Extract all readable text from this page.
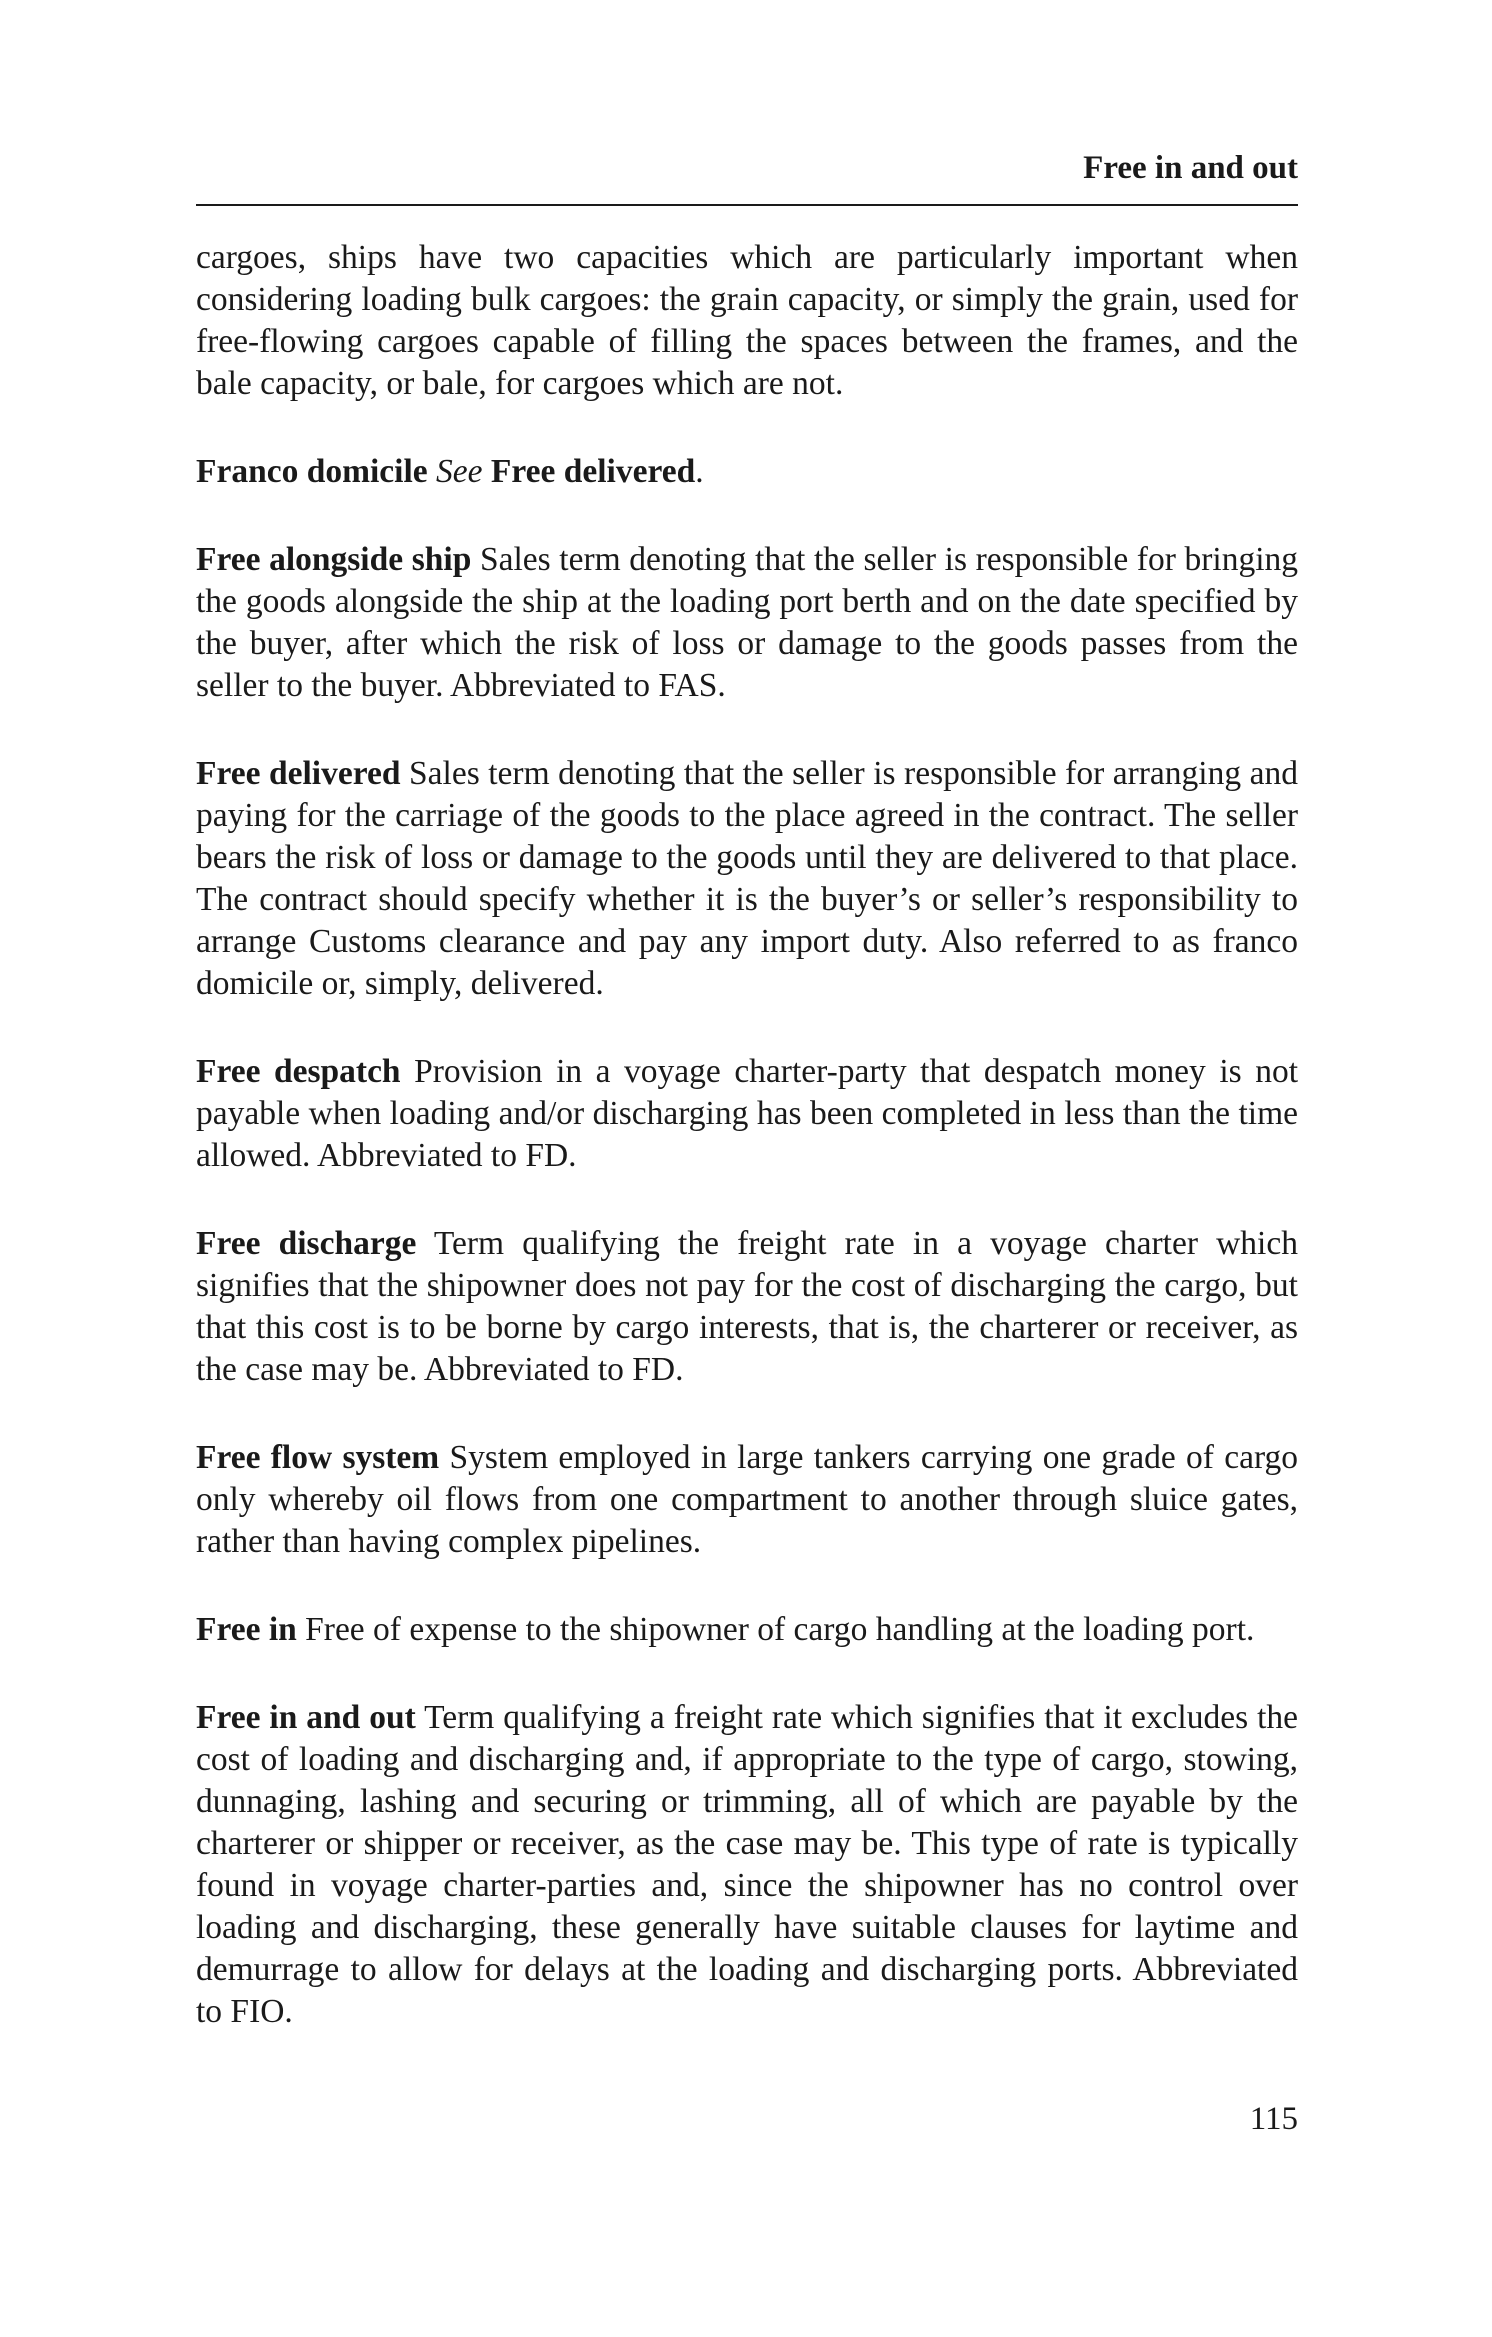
Free in and out

cargoes, ships have two capacities which are particularly important when considering loading bulk cargoes: the grain capacity, or simply the grain, used for free-flowing cargoes capable of filling the spaces between the frames, and the bale capacity, or bale, for cargoes which are not.

Franco domicile See Free delivered.

Free alongside ship Sales term denoting that the seller is responsible for bringing the goods alongside the ship at the loading port berth and on the date specified by the buyer, after which the risk of loss or damage to the goods passes from the seller to the buyer. Abbreviated to FAS.

Free delivered Sales term denoting that the seller is responsible for arranging and paying for the carriage of the goods to the place agreed in the contract. The seller bears the risk of loss or damage to the goods until they are delivered to that place. The contract should specify whether it is the buyer’s or seller’s responsibility to arrange Customs clearance and pay any import duty. Also referred to as franco domicile or, simply, delivered.

Free despatch Provision in a voyage charter-party that despatch money is not payable when loading and/or discharging has been completed in less than the time allowed. Abbreviated to FD.

Free discharge Term qualifying the freight rate in a voyage charter which signifies that the shipowner does not pay for the cost of discharging the cargo, but that this cost is to be borne by cargo interests, that is, the charterer or receiver, as the case may be. Abbreviated to FD.

Free flow system System employed in large tankers carrying one grade of cargo only whereby oil flows from one compartment to another through sluice gates, rather than having complex pipelines.

Free in Free of expense to the shipowner of cargo handling at the loading port.

Free in and out Term qualifying a freight rate which signifies that it excludes the cost of loading and discharging and, if appropriate to the type of cargo, stowing, dunnaging, lashing and securing or trimming, all of which are payable by the charterer or shipper or receiver, as the case may be. This type of rate is typically found in voyage charter-parties and, since the shipowner has no control over loading and discharging, these generally have suitable clauses for laytime and demurrage to allow for delays at the loading and discharging ports. Abbreviated to FIO.

115
